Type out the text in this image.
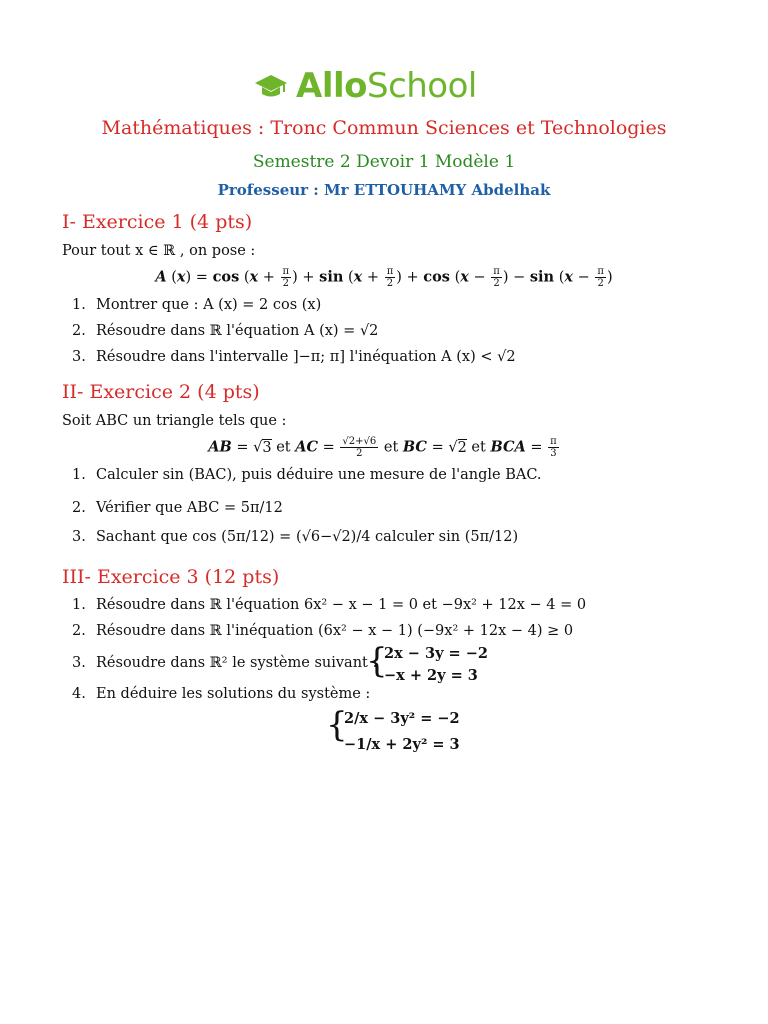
AlloSchool
Mathématiques : Tronc Commun Sciences et Technologies
Semestre 2 Devoir 1 Modèle 1
Professeur : Mr ETTOUHAMY Abdelhak
I- Exercice 1 (4 pts)
Pour tout x ∈ ℝ , on pose :
A $(x) = \cos (x + \frac{\pi}{2}$ ) + $\sin (x + \frac{\pi}{2}$ ) + $\cos (x - \frac{\pi}{2}$ ) − $\sin (x - \frac{\pi}{2}$ )
1. Montrer que : A (x) = 2 cos (x)
2. Résoudre dans ℝ l'équation A (x) = √2
3. Résoudre dans l'intervalle ]−π; π] l'inéquation A (x) < √2
II- Exercice 2 (4 pts)
Soit ABC un triangle tels que :
AB = √3 et AC = $\frac{√2+√6}{2}$ et BC = √2 et BCA = $\frac{\pi}{3}$
1. Calculer sin (BAC), puis déduire une mesure de l'angle BAC.
2. Vérifier que ABC = 5π/12
3. Sachant que cos (5π/12) = (√6−√2)/4 calculer sin (5π/12)
III- Exercice 3 (12 pts)
1. Résoudre dans ℝ l'équation 6x² − x − 1 = 0 et −9x² + 12x − 4 = 0
2. Résoudre dans ℝ l'inéquation (6x² − x − 1) (−9x² + 12x − 4) ≥ 0
3. Résoudre dans ℝ² le système suivant :
{
2x − 3y = −2
−x + 2y = 3
4. En déduire les solutions du système :
{
2/x − 3y² = −2
−1/x + 2y² = 3
